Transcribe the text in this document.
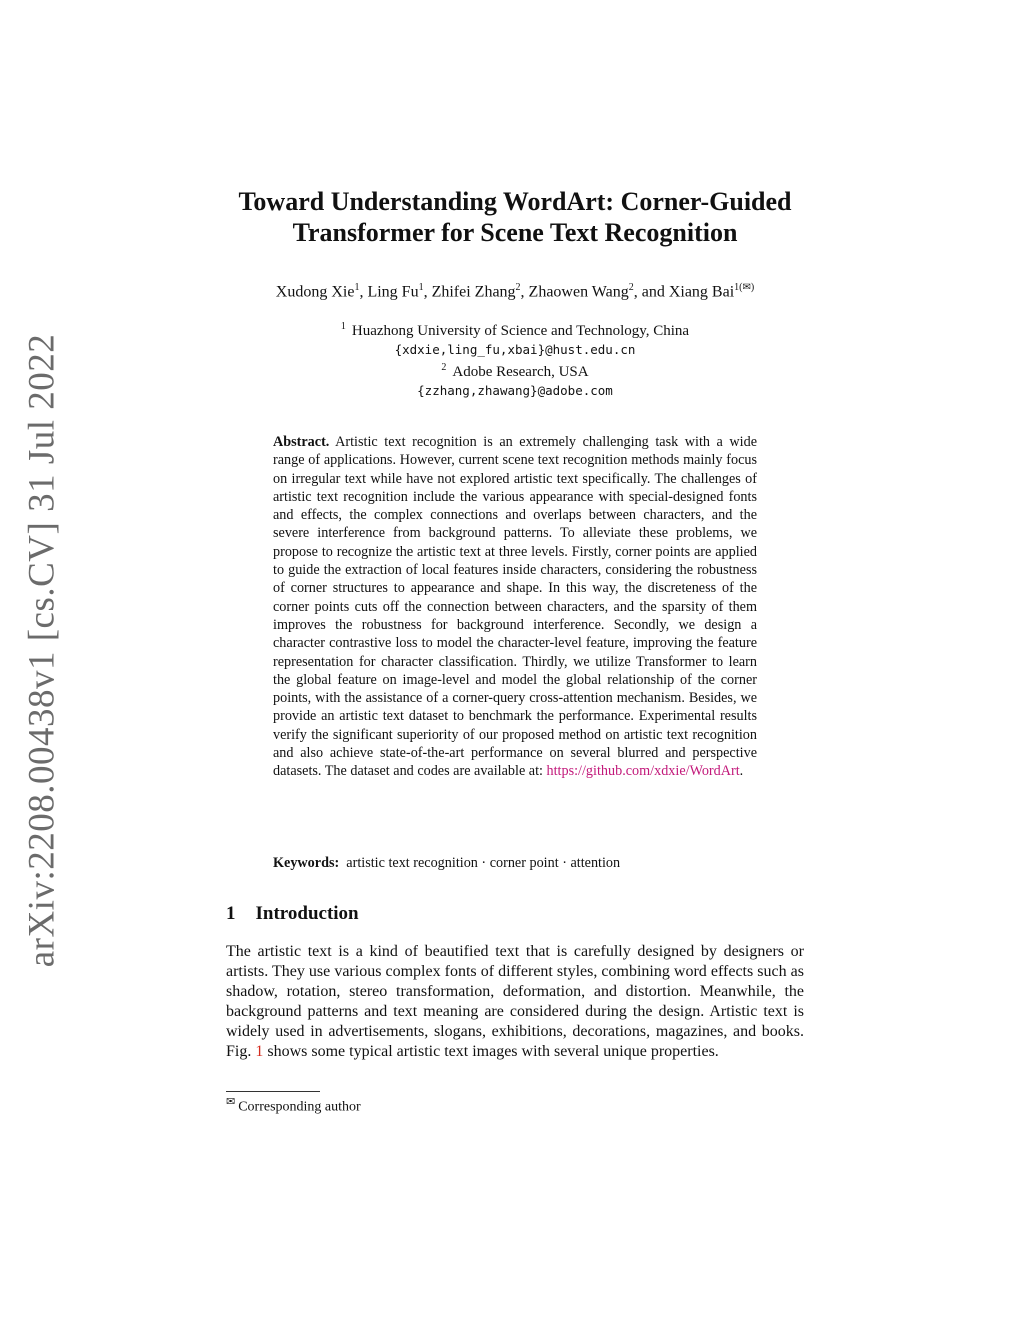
arXiv:2208.00438v1 [cs.CV] 31 Jul 2022
Toward Understanding WordArt: Corner-Guided
Transformer for Scene Text Recognition
Xudong Xie$^1$, Ling Fu$^1$, Zhifei Zhang$^2$, Zhaowen Wang$^2$, and Xiang Bai$^{1(✉)}$
$^1$ Huazhong University of Science and Technology, China
{xdxie,ling_fu,xbai}@hust.edu.cn
$^2$ Adobe Research, USA
{zzhang,zhawang}@adobe.com
Abstract. Artistic text recognition is an extremely challenging task with a wide range of applications. However, current scene text recognition methods mainly focus on irregular text while have not explored artistic text specifically. The challenges of artistic text recognition include the various appearance with special-designed fonts and effects, the complex connections and overlaps between characters, and the severe interference from background patterns. To alleviate these problems, we propose to recognize the artistic text at three levels. Firstly, corner points are applied to guide the extraction of local features inside characters, considering the robustness of corner structures to appearance and shape. In this way, the discreteness of the corner points cuts off the connection between characters, and the sparsity of them improves the robustness for background interference. Secondly, we design a character contrastive loss to model the character-level feature, improving the feature representation for character classification. Thirdly, we utilize Transformer to learn the global feature on image-level and model the global relationship of the corner points, with the assistance of a corner-query cross-attention mechanism. Besides, we provide an artistic text dataset to benchmark the performance. Experimental results verify the significant superiority of our proposed method on artistic text recognition and also achieve state-of-the-art performance on several blurred and perspective datasets. The dataset and codes are available at: https://github.com/xdxie/WordArt.
Keywords: artistic text recognition · corner point · attention
1 Introduction
The artistic text is a kind of beautified text that is carefully designed by designers or artists. They use various complex fonts of different styles, combining word effects such as shadow, rotation, stereo transformation, deformation, and distortion. Meanwhile, the background patterns and text meaning are considered during the design. Artistic text is widely used in advertisements, slogans, exhibitions, decorations, magazines, and books. Fig. 1 shows some typical artistic text images with several unique properties.
✉ Corresponding author
